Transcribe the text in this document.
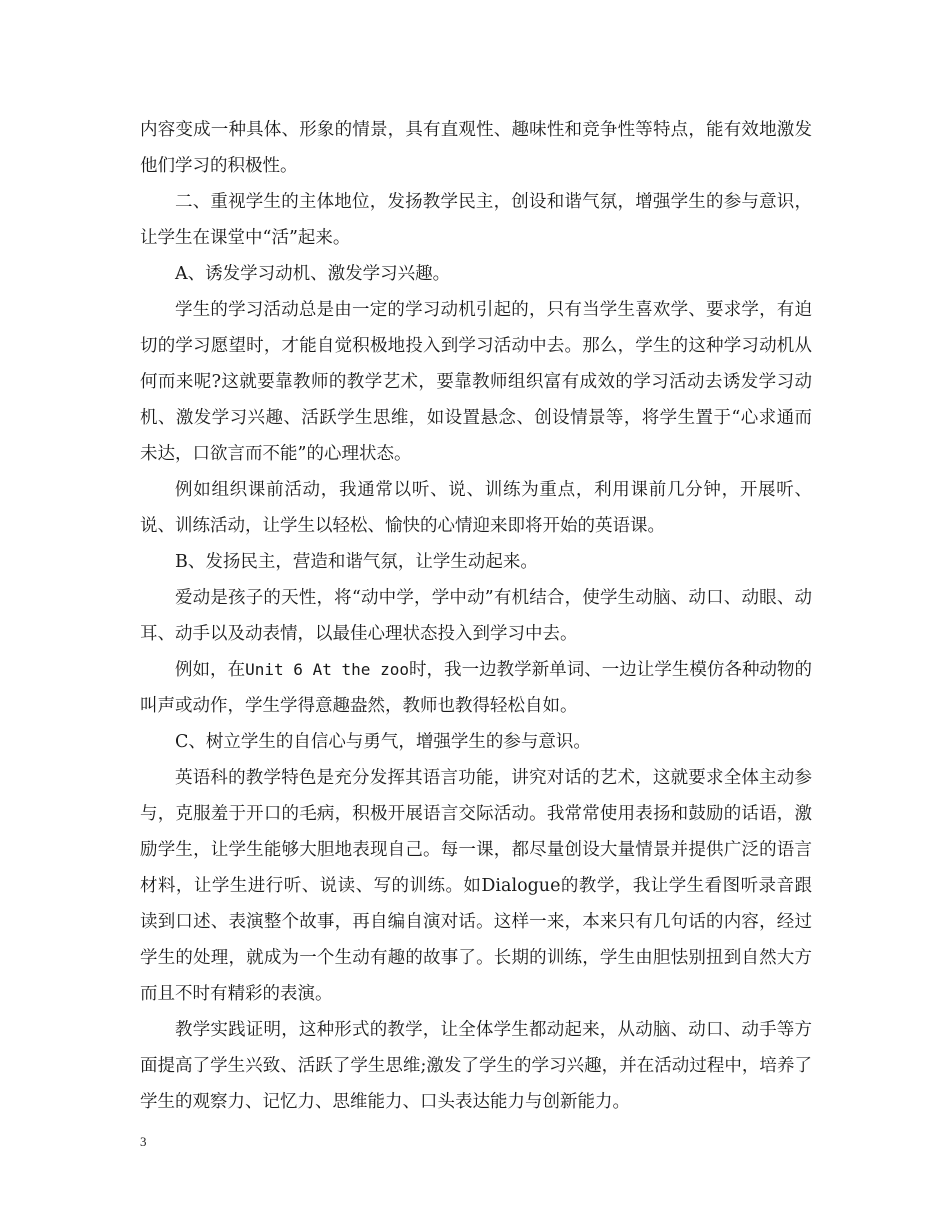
内容变成一种具体、形象的情景，具有直观性、趣味性和竞争性等特点，能有效地激发他们学习的积极性。

二、重视学生的主体地位，发扬教学民主，创设和谐气氛，增强学生的参与意识，让学生在课堂中“活”起来。

A、诱发学习动机、激发学习兴趣。

学生的学习活动总是由一定的学习动机引起的，只有当学生喜欢学、要求学，有迫切的学习愿望时，才能自觉积极地投入到学习活动中去。那么，学生的这种学习动机从何而来呢?这就要靠教师的教学艺术，要靠教师组织富有成效的学习活动去诱发学习动机、激发学习兴趣、活跃学生思维，如设置悬念、创设情景等，将学生置于“心求通而未达，口欲言而不能”的心理状态。

例如组织课前活动，我通常以听、说、训练为重点，利用课前几分钟，开展听、说、训练活动，让学生以轻松、愉快的心情迎来即将开始的英语课。

B、发扬民主，营造和谐气氛，让学生动起来。

爱动是孩子的天性，将“动中学，学中动”有机结合，使学生动脑、动口、动眼、动耳、动手以及动表情，以最佳心理状态投入到学习中去。

例如，在Unit 6 At the zoo时，我一边教学新单词、一边让学生模仿各种动物的叫声或动作，学生学得意趣盎然，教师也教得轻松自如。

C、树立学生的自信心与勇气，增强学生的参与意识。

英语科的教学特色是充分发挥其语言功能，讲究对话的艺术，这就要求全体主动参与，克服羞于开口的毛病，积极开展语言交际活动。我常常使用表扬和鼓励的话语，激励学生，让学生能够大胆地表现自己。每一课，都尽量创设大量情景并提供广泛的语言材料，让学生进行听、说读、写的训练。如Dialogue的教学，我让学生看图听录音跟读到口述、表演整个故事，再自编自演对话。这样一来，本来只有几句话的内容，经过学生的处理，就成为一个生动有趣的故事了。长期的训练，学生由胆怯别扭到自然大方而且不时有精彩的表演。

教学实践证明，这种形式的教学，让全体学生都动起来，从动脑、动口、动手等方面提高了学生兴致、活跃了学生思维;激发了学生的学习兴趣，并在活动过程中，培养了学生的观察力、记忆力、思维能力、口头表达能力与创新能力。

3
